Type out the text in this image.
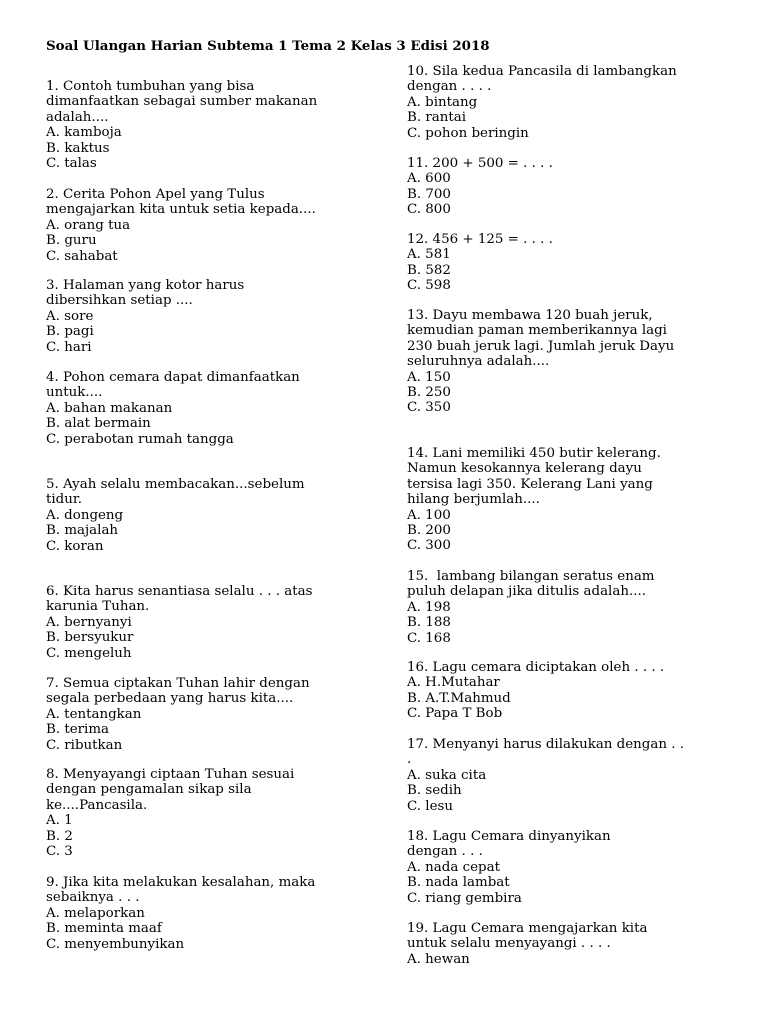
Soal Ulangan Harian Subtema 1 Tema 2 Kelas 3 Edisi 2018
1. Contoh tumbuhan yang bisa
dimanfaatkan sebagai sumber makanan
adalah....
A. kamboja
B. kaktus
C. talas
2. Cerita Pohon Apel yang Tulus
mengajarkan kita untuk setia kepada....
A. orang tua
B. guru
C. sahabat
3. Halaman yang kotor harus
dibersihkan setiap ....
A. sore
B. pagi
C. hari
4. Pohon cemara dapat dimanfaatkan
untuk....
A. bahan makanan
B. alat bermain
C. perabotan rumah tangga
5. Ayah selalu membacakan...sebelum
tidur.
A. dongeng
B. majalah
C. koran
6. Kita harus senantiasa selalu . . . atas
karunia Tuhan.
A. bernyanyi
B. bersyukur
C. mengeluh
7. Semua ciptakan Tuhan lahir dengan
segala perbedaan yang harus kita....
A. tentangkan
B. terima
C. ributkan
8. Menyayangi ciptaan Tuhan sesuai
dengan pengamalan sikap sila
ke....Pancasila.
A. 1
B. 2
C. 3
9. Jika kita melakukan kesalahan, maka
sebaiknya . . .
A. melaporkan
B. meminta maaf
C. menyembunyikan
10. Sila kedua Pancasila di lambangkan
dengan . . . .
A. bintang
B. rantai
C. pohon beringin
11. 200 + 500 = . . . .
A. 600
B. 700
C. 800
12. 456 + 125 = . . . .
A. 581
B. 582
C. 598
13. Dayu membawa 120 buah jeruk,
kemudian paman memberikannya lagi
230 buah jeruk lagi. Jumlah jeruk Dayu
seluruhnya adalah....
A. 150
B. 250
C. 350
14. Lani memiliki 450 butir kelerang.
Namun kesokannya kelerang dayu
tersisa lagi 350. Kelerang Lani yang
hilang berjumlah....
A. 100
B. 200
C. 300
15.  lambang bilangan seratus enam
puluh delapan jika ditulis adalah....
A. 198
B. 188
C. 168
16. Lagu cemara diciptakan oleh . . . .
A. H.Mutahar
B. A.T.Mahmud
C. Papa T Bob
17. Menyanyi harus dilakukan dengan . .
.
A. suka cita
B. sedih
C. lesu
18. Lagu Cemara dinyanyikan
dengan . . .
A. nada cepat
B. nada lambat
C. riang gembira
19. Lagu Cemara mengajarkan kita
untuk selalu menyayangi . . . .
A. hewan
